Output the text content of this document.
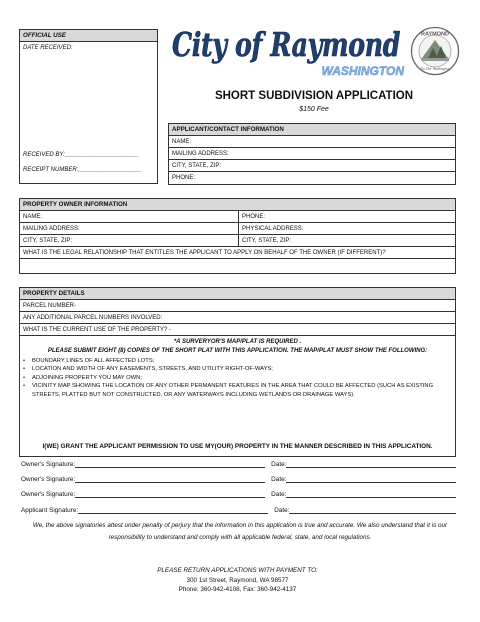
OFFICIAL USE
DATE RECEIVED:
RECEIVED BY:______________________
RECEIPT NUMBER:___________________
City of Raymond
WASHINGTON
RAYMOND
Go Our Washington
SHORT SUBDIVISION APPLICATION
$150 Fee
APPLICANT/CONTACT INFORMATION
NAME:
MAILING ADDRESS:
CITY, STATE, ZIP:
PHONE:
PROPERTY OWNER INFORMATION
NAME:	PHONE:
MAILING ADDRESS:	PHYSICAL ADDRESS:
CITY, STATE, ZIP:	CITY, STATE, ZIP:
WHAT IS THE LEGAL RELATIONSHIP THAT ENTITLES THE APPLICANT TO APPLY ON BEHALF OF THE OWNER (IF DIFFERENT)?
PROPERTY DETAILS
PARCEL NUMBER-
ANY ADDITIONAL PARCEL NUMBERS INVOLVED:
WHAT IS THE CURRENT USE OF THE PROPERTY? -
*A SURVERYOR'S MAP/PLAT IS REQUIRED .
PLEASE SUBMIT EIGHT (8) COPIES OF THE SHORT PLAT WITH THIS APPLICATION. THE MAP/PLAT MUST SHOW THE FOLLOWING:
• BOUNDARY LINES OF ALL AFFECTED LOTS;
• LOCATION AND WIDTH OF ANY EASEMENTS, STREETS, AND UTILITY RIGHT-OF-WAYS;
• ADJOINING PROPERTY YOU MAY OWN;
• VICINITY MAP SHOWING THE LOCATION OF ANY OTHER PERMANENT FEATURES IN THE AREA THAT COULD BE AFFECTED (SUCH AS EXISTING STREETS, PLATTED BUT NOT CONSTRUCTED, OR ANY WATERWAYS INCLUDING WETLANDS OR DRAINAGE WAYS).
I(WE) GRANT THE APPLICANT PERMISSION TO USE MY(OUR) PROPERTY IN THE MANNER DESCRIBED IN THIS APPLICATION.
Owner's Signature:	Date:
Owner's Signature:	Date:
Owner's Signature:	Date:
Applicant Signature:	Date:
We, the above signatories attest under penalty of perjury that the information in this application is true and accurate. We also understand that it is our responsibility to understand and comply with all applicable federal, state, and local regulations.
PLEASE RETURN APPLICATIONS WITH PAYMENT TO:
300 1st Street, Raymond, WA 98577
Phone: 360-942-4108, Fax: 360-942-4137
